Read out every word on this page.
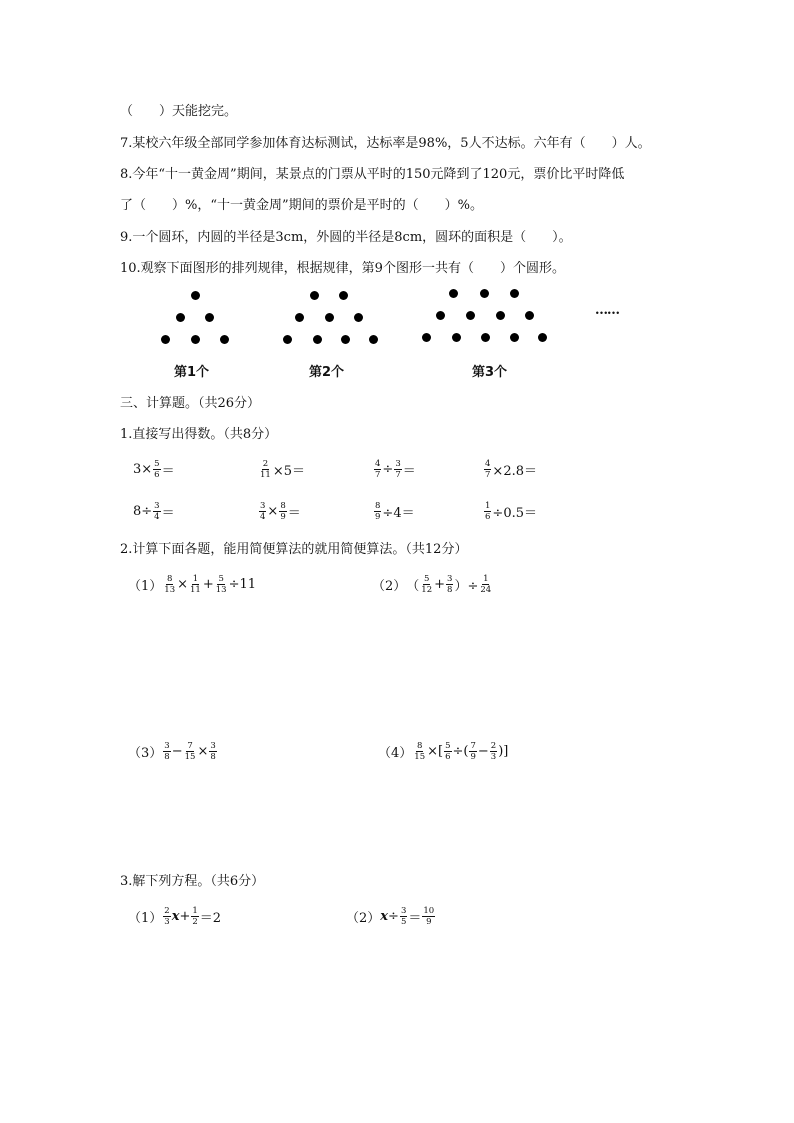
（　　）天能挖完。
7.某校六年级全部同学参加体育达标测试，达标率是98%，5人不达标。六年有（　　）人。
8.今年“十一黄金周”期间，某景点的门票从平时的150元降到了120元，票价比平时降低
了（　　）%，“十一黄金周”期间的票价是平时的（　　）%。
9.一个圆环，内圆的半径是3cm，外圆的半径是8cm，圆环的面积是（　　）。
10.观察下面图形的排列规律，根据规律，第9个图形一共有（　　）个圆形。
……
第1个	第2个	第3个
三、计算题。（共26分）
1.直接写出得数。（共8分）
$3\times \frac{5}{6}$ ＝	$\frac{2}{11} \times 5=$	$\frac{4}{7} \div \frac{3}{7}$ ＝	$\frac{4}{7} \times 2.8=$
$8\div \frac{3}{4}$ ＝	$\frac{3}{4} \times \frac{8}{9}$ ＝	$\frac{8}{9} \div 4=$	$\frac{1}{6} \div 0.5=$
2.计算下面各题，能用简便算法的就用简便算法。（共12分）
$(1) \frac{8}{13} \times \frac{1}{11} + \frac{5}{13} \div 11$	（2） （ $\frac{5}{12} + \frac{3}{8}$ ）÷ $\frac{1}{24}$
$(3) \frac{3}{8} - \frac{7}{15} \times \frac{3}{8}$	$(4) \frac{8}{15}$ ×[ $\frac{5}{6}$ ÷( $\frac{7}{9} - \frac{2}{3}$ )]
3.解下列方程。（共6分）
$(1) \frac{2}{3}$ $x + \frac{1}{2} =2$	（2） $x \div \frac{3}{5} = \frac{10}{9}$
